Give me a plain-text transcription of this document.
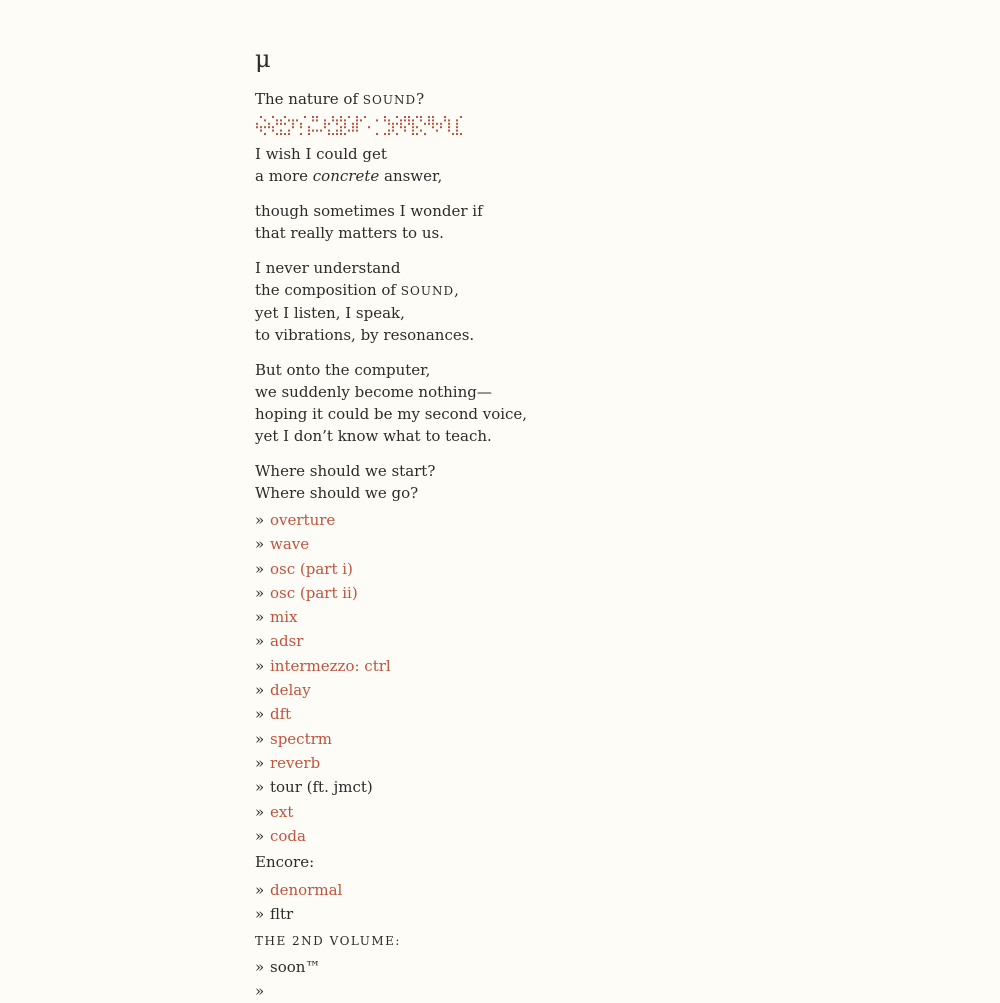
μ
The nature of SOUND?
I wish I could get
a more concrete answer,
though sometimes I wonder if
that really matters to us.
I never understand
the composition of SOUND,
yet I listen, I speak,
to vibrations, by resonances.
But onto the computer,
we suddenly become nothing—
hoping it could be my second voice,
yet I don’t know what to teach.
Where should we start?
Where should we go?
» overture
» wave
» osc (part i)
» osc (part ii)
» mix
» adsr
» intermezzo: ctrl
» delay
» dft
» spectrm
» reverb
» tour (ft. jmct)
» ext
» coda
Encore:
» denormal
» fltr
THE 2ND VOLUME:
» soon™
»
